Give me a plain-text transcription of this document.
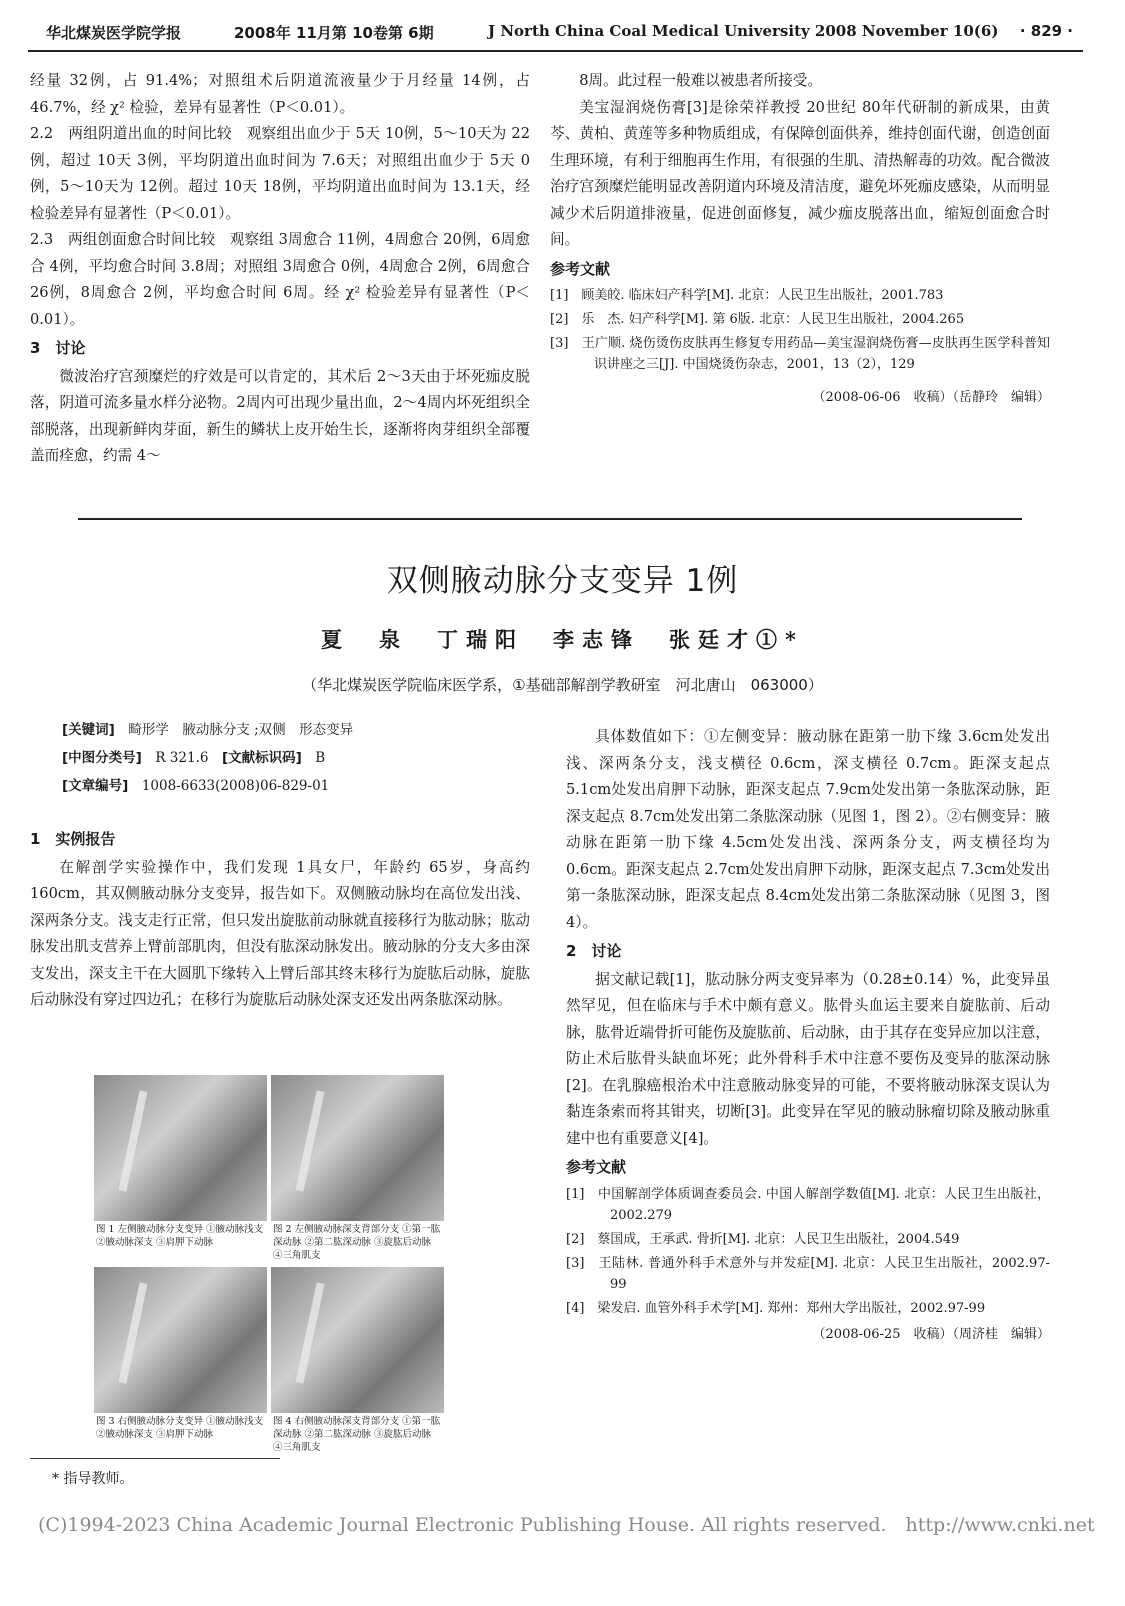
华北煤炭医学院学报	2008年 11月第 10卷第 6期	J North China Coal Medical University 2008 November 10(6) · 829 ·

经量 32例，占 91.4%；对照组术后阴道流液量少于月经量 14例，占 46.7%，经 χ² 检验，差异有显著性（P＜0.01）。

2.2　两组阴道出血的时间比较　观察组出血少于 5天 10例，5～10天为 22例，超过 10天 3例，平均阴道出血时间为 7.6天；对照组出血少于 5天 0例，5～10天为 12例。超过 10天 18例，平均阴道出血时间为 13.1天，经 检验差异有显著性（P＜0.01）。

2.3　两组创面愈合时间比较　观察组 3周愈合 11例，4周愈合 20例，6周愈合 4例，平均愈合时间 3.8周；对照组 3周愈合 0例，4周愈合 2例，6周愈合 26例，8周愈合 2例，平均愈合时间 6周。经 χ² 检验差异有显著性（P＜0.01）。

3　讨论

微波治疗宫颈糜烂的疗效是可以肯定的，其术后 2～3天由于坏死痂皮脱落，阴道可流多量水样分泌物。2周内可出现少量出血，2～4周内坏死组织全部脱落，出现新鲜肉芽面，新生的鳞状上皮开始生长，逐渐将肉芽组织全部覆盖而痊愈，约需 4～

8周。此过程一般难以被患者所接受。

美宝湿润烧伤膏[3]是徐荣祥教授 20世纪 80年代研制的新成果，由黄芩、黄柏、黄莲等多种物质组成，有保障创面供养，维持创面代谢，创造创面生理环境，有利于细胞再生作用，有很强的生肌、清热解毒的功效。配合微波治疗宫颈糜烂能明显改善阴道内环境及清洁度，避免坏死痂皮感染，从而明显减少术后阴道排液量，促进创面修复，减少痂皮脱落出血，缩短创面愈合时间。

参考文献
[1]　顾美皎. 临床妇产科学[M]. 北京：人民卫生出版社，2001.783
[2]　乐　杰. 妇产科学[M]. 第 6版. 北京：人民卫生出版社，2004.265
[3]　王广顺. 烧伤烫伤皮肤再生修复专用药品—美宝湿润烧伤膏—皮肤再生医学科普知识讲座之三[J]. 中国烧烫伤杂志，2001，13（2），129
（2008-06-06　收稿）（岳静玲　编辑）
双侧腋动脉分支变异 1例
夏　泉　丁瑞阳　李志锋　张廷才①*
（华北煤炭医学院临床医学系，①基础部解剖学教研室　河北唐山　063000）
[关键词]　 畸形学　腋动脉分支 ;双侧　形态变异
[中图分类号]　 R 321.6　 [文献标识码]　 B
[文章编号]　 1008-6633(2008)06-829-01
1　实例报告

在解剖学实验操作中，我们发现 1具女尸，年龄约 65岁，身高约 160cm，其双侧腋动脉分支变异，报告如下。双侧腋动脉均在高位发出浅、深两条分支。浅支走行正常，但只发出旋肱前动脉就直接移行为肱动脉；肱动脉发出肌支营养上臂前部肌肉，但没有肱深动脉发出。腋动脉的分支大多由深支发出，深支主干在大圆肌下缘转入上臂后部其终末移行为旋肱后动脉，旋肱后动脉没有穿过四边孔；在移行为旋肱后动脉处深支还发出两条肱深动脉。

图 1 左侧腋动脉分支变异 ①腋动脉浅支 ②腋动脉深支 ③肩胛下动脉
图 2 左侧腋动脉深支背部分支 ①第一肱深动脉 ②第二肱深动脉 ③旋肱后动脉 ④三角肌支
图 3 右侧腋动脉分支变异 ①腋动脉浅支 ②腋动脉深支 ③肩胛下动脉
图 4 右侧腋动脉深支背部分支 ①第一肱深动脉 ②第二肱深动脉 ③旋肱后动脉 ④三角肌支

具体数值如下：①左侧变异：腋动脉在距第一肋下缘 3.6cm处发出浅、深两条分支，浅支横径 0.6cm，深支横径 0.7cm。距深支起点 5.1cm处发出肩胛下动脉，距深支起点 7.9cm处发出第一条肱深动脉，距深支起点 8.7cm处发出第二条肱深动脉（见图 1，图 2）。②右侧变异：腋动脉在距第一肋下缘 4.5cm处发出浅、深两条分支，两支横径均为 0.6cm。距深支起点 2.7cm处发出肩胛下动脉，距深支起点 7.3cm处发出第一条肱深动脉，距深支起点 8.4cm处发出第二条肱深动脉（见图 3，图 4）。

2　讨论

据文献记载[1]，肱动脉分两支变异率为（0.28±0.14）%，此变异虽然罕见，但在临床与手术中颇有意义。肱骨头血运主要来自旋肱前、后动脉，肱骨近端骨折可能伤及旋肱前、后动脉，由于其存在变异应加以注意，防止术后肱骨头缺血坏死；此外骨科手术中注意不要伤及变异的肱深动脉[2]。在乳腺癌根治术中注意腋动脉变异的可能，不要将腋动脉深支误认为黏连条索而将其钳夹，切断[3]。此变异在罕见的腋动脉瘤切除及腋动脉重建中也有重要意义[4]。

参考文献
[1]　中国解剖学体质调查委员会. 中国人解剖学数值[M]. 北京：人民卫生出版社，2002.279
[2]　蔡国成，王承武. 骨折[M]. 北京：人民卫生出版社，2004.549
[3]　王陆林. 普通外科手术意外与并发症[M]. 北京：人民卫生出版社，2002.97-99
[4]　梁发启. 血管外科手术学[M]. 郑州：郑州大学出版社，2002.97-99
（2008-06-25　收稿）（周济桂　编辑）
* 指导教师。
(C)1994-2023 China Academic Journal Electronic Publishing House. All rights reserved.　http://www.cnki.net
